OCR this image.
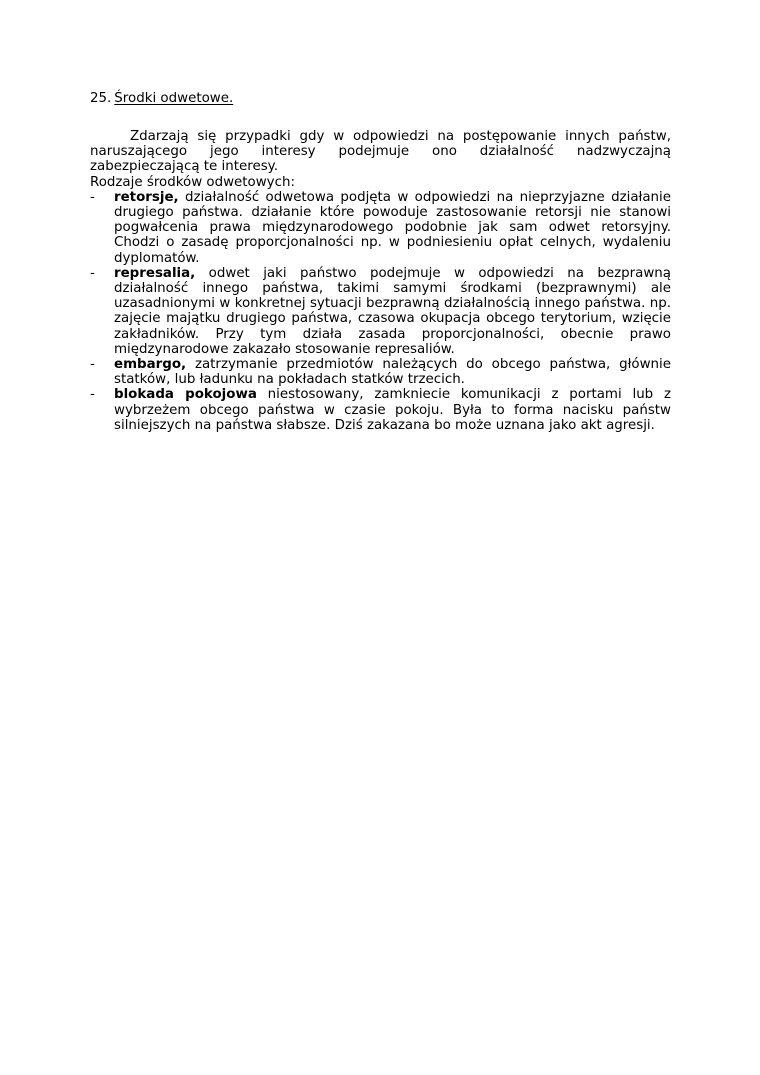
25. Środki odwetowe.

Zdarzają się przypadki gdy w odpowiedzi na postępowanie innych państw, naruszającego jego interesy podejmuje ono działalność nadzwyczajną zabezpieczającą te interesy.

Rodzaje środków odwetowych:

- retorsje, działalność odwetowa podjęta w odpowiedzi na nieprzyjazne działanie drugiego państwa. działanie które powoduje zastosowanie retorsji nie stanowi pogwałcenia prawa międzynarodowego podobnie jak sam odwet retorsyjny. Chodzi o zasadę proporcjonalności np. w podniesieniu opłat celnych, wydaleniu dyplomatów.
- represalia, odwet jaki państwo podejmuje w odpowiedzi na bezprawną działalność innego państwa, takimi samymi środkami (bezprawnymi) ale uzasadnionymi w konkretnej sytuacji bezprawną działalnością innego państwa. np. zajęcie majątku drugiego państwa, czasowa okupacja obcego terytorium, wzięcie zakładników. Przy tym działa zasada proporcjonalności, obecnie prawo międzynarodowe zakazało stosowanie represaliów.
- embargo, zatrzymanie przedmiotów należących do obcego państwa, głównie statków, lub ładunku na pokładach statków trzecich.
- blokada pokojowa niestosowany, zamkniecie komunikacji z portami lub z wybrzeżem obcego państwa w czasie pokoju. Była to forma nacisku państw silniejszych na państwa słabsze. Dziś zakazana bo może uznana jako akt agresji.
